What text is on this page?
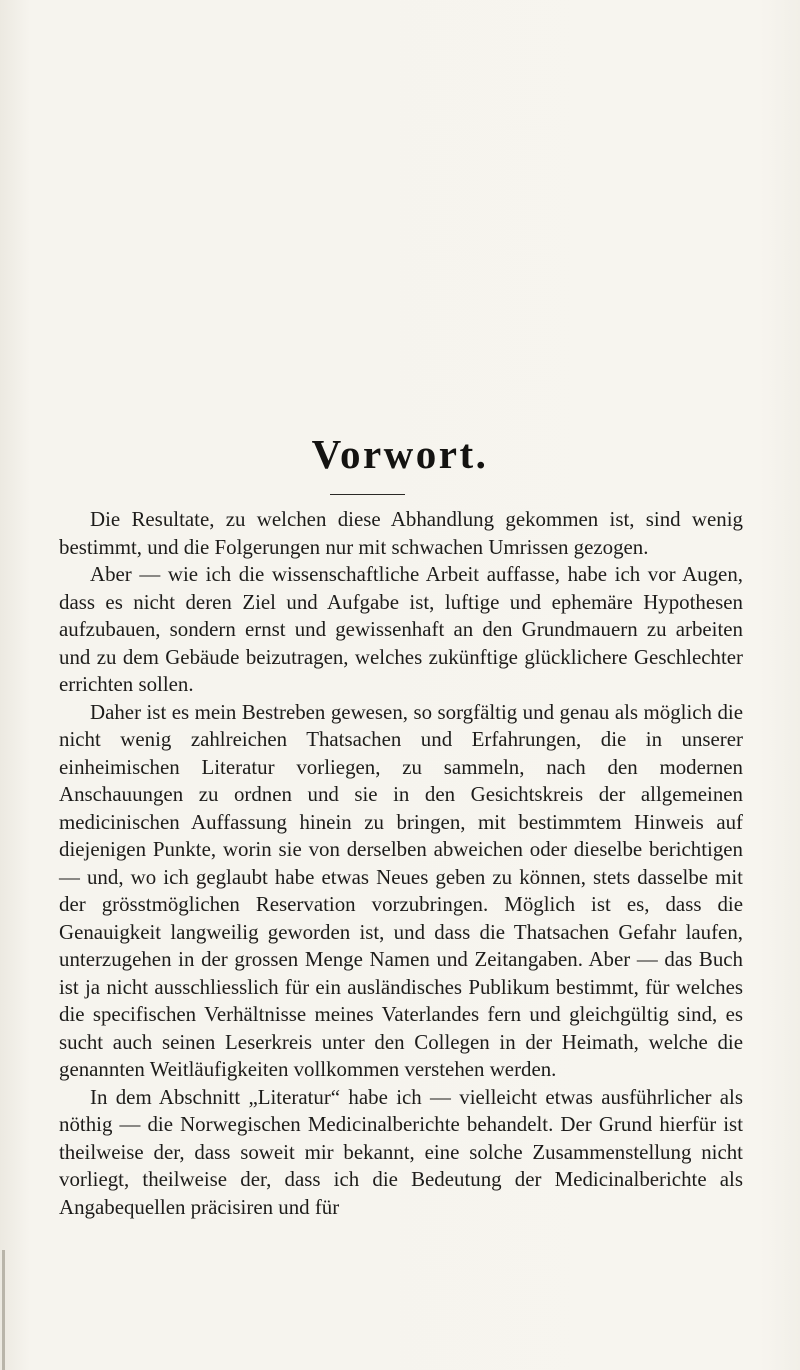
Vorwort.

Die Resultate, zu welchen diese Abhandlung gekommen ist, sind wenig bestimmt, und die Folgerungen nur mit schwachen Umrissen gezogen.

Aber — wie ich die wissenschaftliche Arbeit auffasse, habe ich vor Augen, dass es nicht deren Ziel und Aufgabe ist, luftige und ephemäre Hypothesen aufzubauen, sondern ernst und gewissenhaft an den Grundmauern zu arbeiten und zu dem Gebäude beizutragen, welches zukünftige glücklichere Geschlechter errichten sollen.

Daher ist es mein Bestreben gewesen, so sorgfältig und genau als möglich die nicht wenig zahlreichen Thatsachen und Erfahrungen, die in unserer einheimischen Literatur vorliegen, zu sammeln, nach den modernen Anschauungen zu ordnen und sie in den Gesichtskreis der allgemeinen medicinischen Auffassung hinein zu bringen, mit bestimmtem Hinweis auf diejenigen Punkte, worin sie von derselben abweichen oder dieselbe berichtigen — und, wo ich geglaubt habe etwas Neues geben zu können, stets dasselbe mit der grösstmöglichen Reservation vorzubringen. Möglich ist es, dass die Genauigkeit langweilig geworden ist, und dass die Thatsachen Gefahr laufen, unterzugehen in der grossen Menge Namen und Zeitangaben. Aber — das Buch ist ja nicht ausschliesslich für ein ausländisches Publikum bestimmt, für welches die specifischen Verhältnisse meines Vaterlandes fern und gleichgültig sind, es sucht auch seinen Leserkreis unter den Collegen in der Heimath, welche die genannten Weitläufigkeiten vollkommen verstehen werden.

In dem Abschnitt „Literatur“ habe ich — vielleicht etwas ausführlicher als nöthig — die Norwegischen Medicinalberichte behandelt. Der Grund hierfür ist theilweise der, dass soweit mir bekannt, eine solche Zusammenstellung nicht vorliegt, theilweise der, dass ich die Bedeutung der Medicinalberichte als Angabequellen präcisiren und für
